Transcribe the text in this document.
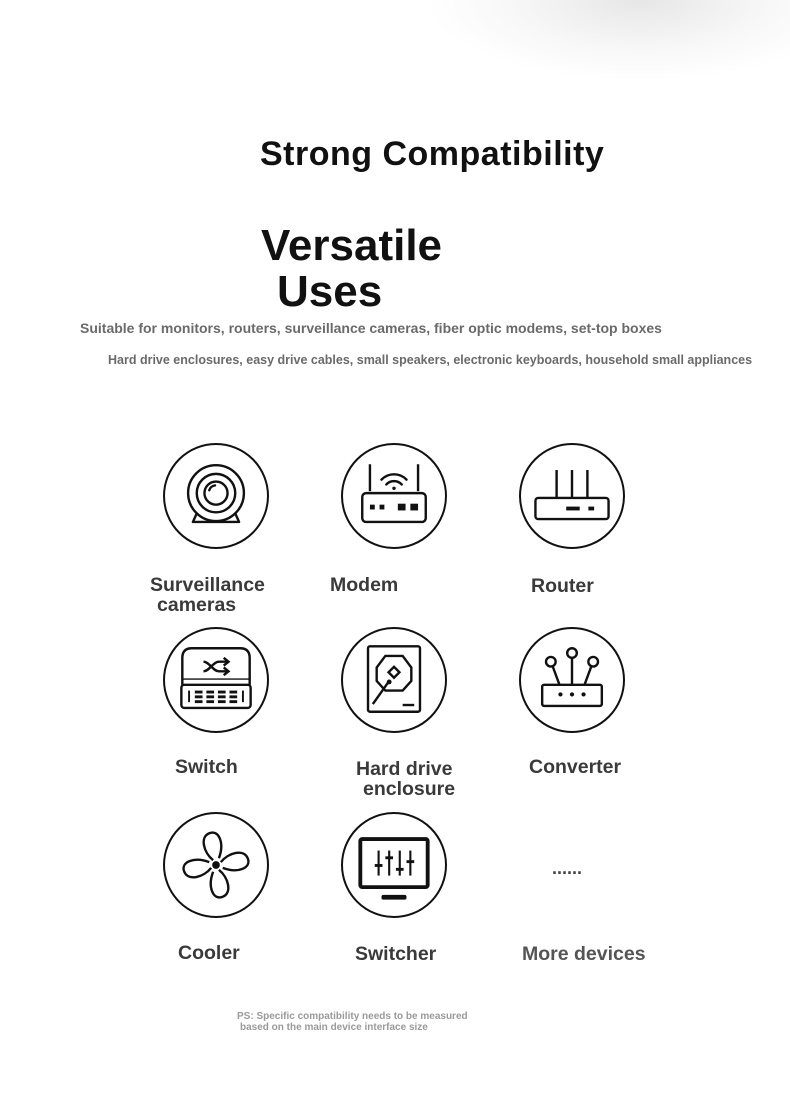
Strong Compatibility
Versatile
Uses

Suitable for monitors, routers, surveillance cameras, fiber optic modems, set-top boxes

Hard drive enclosures, easy drive cables, small speakers, electronic keyboards, household small appliances

......
Surveillance
cameras
Modem	Router
Switch	Hard drive
enclosure
Converter
Cooler	Switcher	More devices

PS: Specific compatibility needs to be measured
based on the main device interface size
